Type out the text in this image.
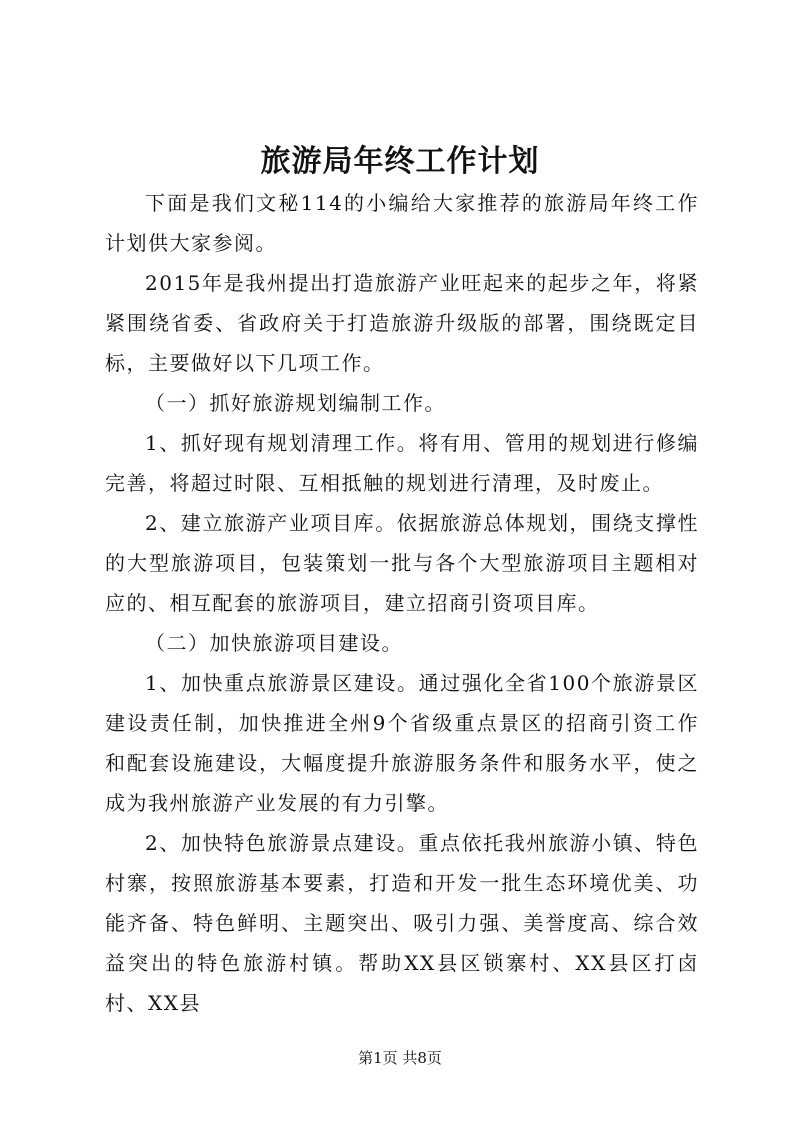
旅游局年终工作计划

下面是我们文秘114的小编给大家推荐的旅游局年终工作计划供大家参阅。

2015年是我州提出打造旅游产业旺起来的起步之年，将紧紧围绕省委、省政府关于打造旅游升级版的部署，围绕既定目标，主要做好以下几项工作。

（一）抓好旅游规划编制工作。

1、抓好现有规划清理工作。将有用、管用的规划进行修编完善，将超过时限、互相抵触的规划进行清理，及时废止。

2、建立旅游产业项目库。依据旅游总体规划，围绕支撑性的大型旅游项目，包装策划一批与各个大型旅游项目主题相对应的、相互配套的旅游项目，建立招商引资项目库。

（二）加快旅游项目建设。

1、加快重点旅游景区建设。通过强化全省100个旅游景区建设责任制，加快推进全州9个省级重点景区的招商引资工作和配套设施建设，大幅度提升旅游服务条件和服务水平，使之成为我州旅游产业发展的有力引擎。

2、加快特色旅游景点建设。重点依托我州旅游小镇、特色村寨，按照旅游基本要素，打造和开发一批生态环境优美、功能齐备、特色鲜明、主题突出、吸引力强、美誉度高、综合效益突出的特色旅游村镇。帮助XX县区锁寨村、XX县区打卤村、XX县

第1页 共8页
